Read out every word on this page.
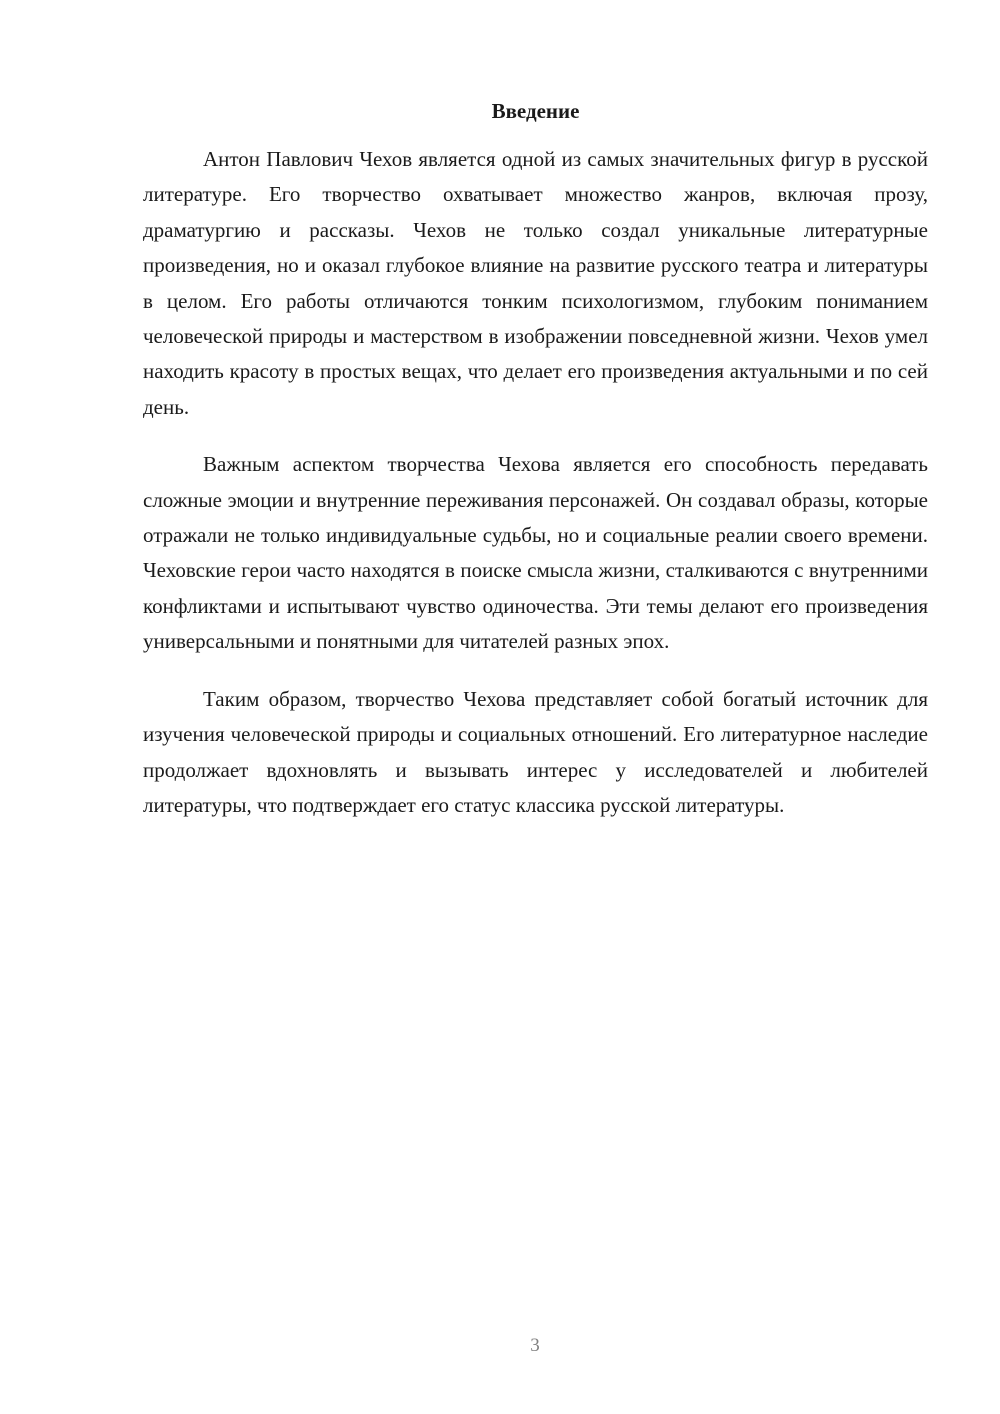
Введение

Антон Павлович Чехов является одной из самых значительных фигур в русской литературе. Его творчество охватывает множество жанров, включая прозу, драматургию и рассказы. Чехов не только создал уникальные литературные произведения, но и оказал глубокое влияние на развитие русского театра и литературы в целом. Его работы отличаются тонким психологизмом, глубоким пониманием человеческой природы и мастерством в изображении повседневной жизни. Чехов умел находить красоту в простых вещах, что делает его произведения актуальными и по сей день.

Важным аспектом творчества Чехова является его способность передавать сложные эмоции и внутренние переживания персонажей. Он создавал образы, которые отражали не только индивидуальные судьбы, но и социальные реалии своего времени. Чеховские герои часто находятся в поиске смысла жизни, сталкиваются с внутренними конфликтами и испытывают чувство одиночества. Эти темы делают его произведения универсальными и понятными для читателей разных эпох.

Таким образом, творчество Чехова представляет собой богатый источник для изучения человеческой природы и социальных отношений. Его литературное наследие продолжает вдохновлять и вызывать интерес у исследователей и любителей литературы, что подтверждает его статус классика русской литературы.

3
